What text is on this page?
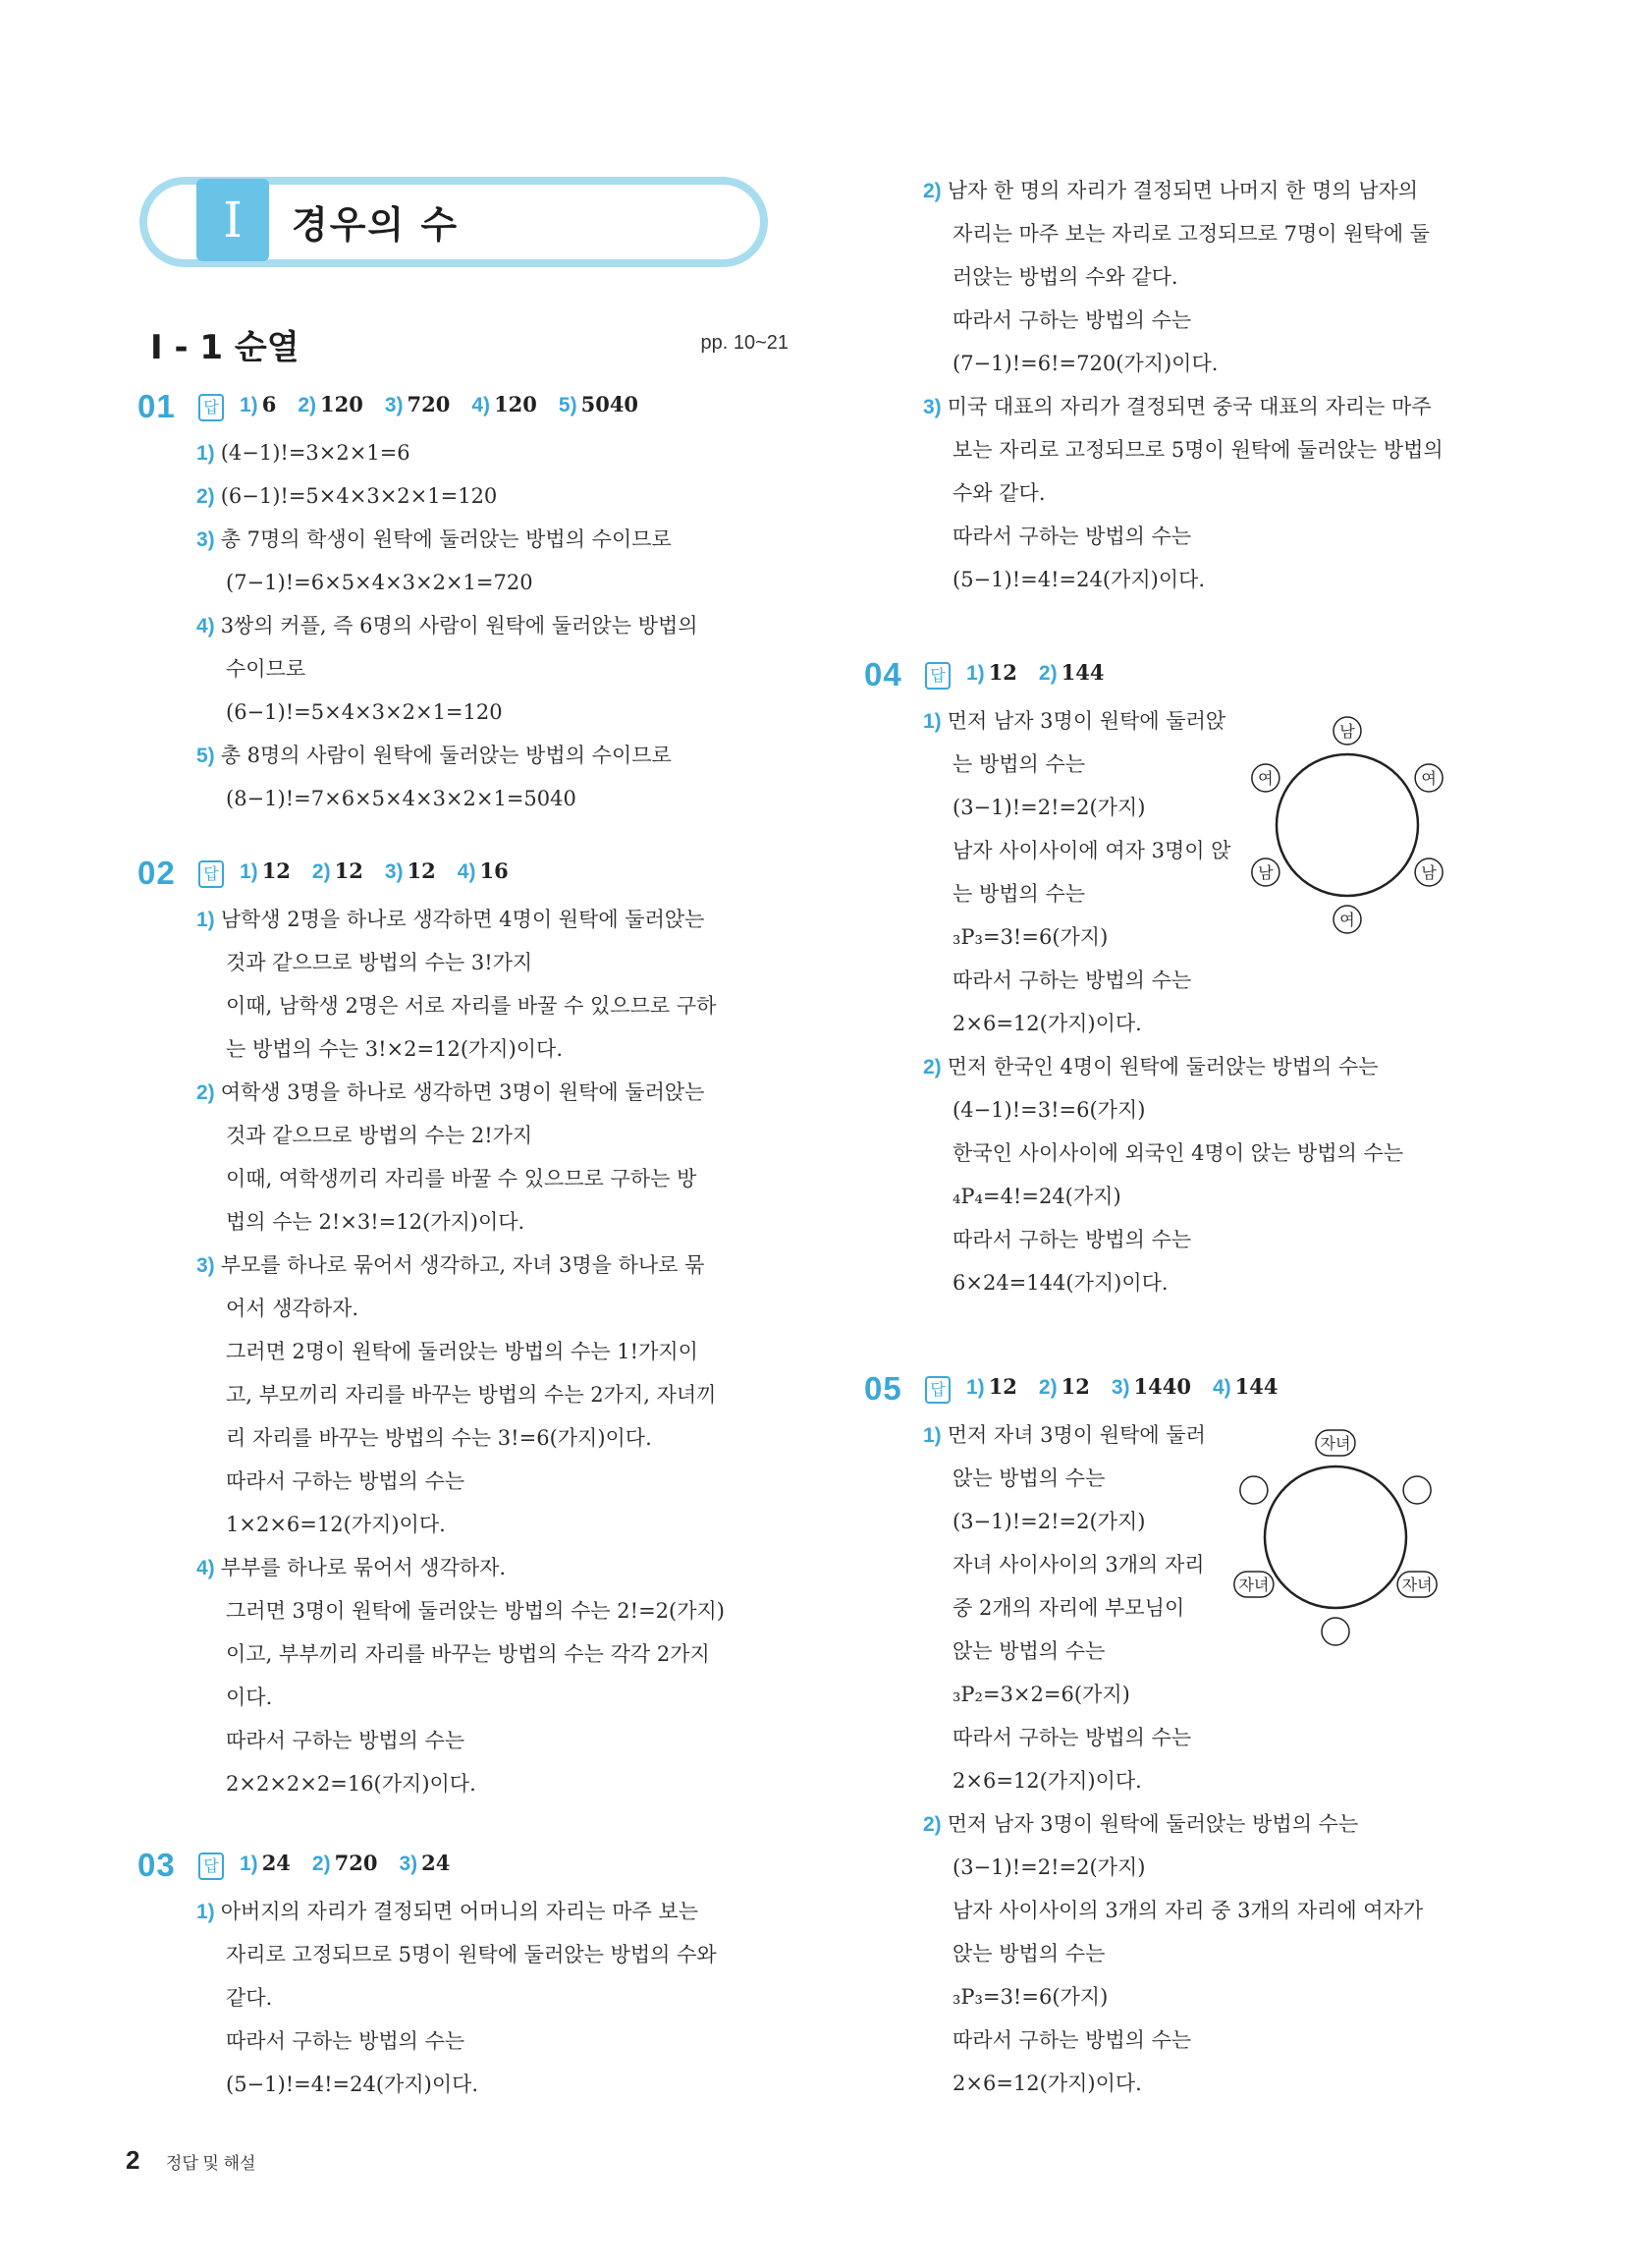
Ⅰ	경우의 수
Ⅰ - 1 순열	pp. 10~21
01	답 1) 6 2) 120 3) 720 4) 120 5) 5040
1) (4−1)!=3×2×1=6
2) (6−1)!=5×4×3×2×1=120
3) 총 7명의 학생이 원탁에 둘러앉는 방법의 수이므로
(7−1)!=6×5×4×3×2×1=720
4) 3쌍의 커플, 즉 6명의 사람이 원탁에 둘러앉는 방법의
수이므로
(6−1)!=5×4×3×2×1=120
5) 총 8명의 사람이 원탁에 둘러앉는 방법의 수이므로
(8−1)!=7×6×5×4×3×2×1=5040
02	답 1) 12 2) 12 3) 12 4) 16
1) 남학생 2명을 하나로 생각하면 4명이 원탁에 둘러앉는
것과 같으므로 방법의 수는 3!가지
이때, 남학생 2명은 서로 자리를 바꿀 수 있으므로 구하
는 방법의 수는 3!×2=12(가지)이다.
2) 여학생 3명을 하나로 생각하면 3명이 원탁에 둘러앉는
것과 같으므로 방법의 수는 2!가지
이때, 여학생끼리 자리를 바꿀 수 있으므로 구하는 방
법의 수는 2!×3!=12(가지)이다.
3) 부모를 하나로 묶어서 생각하고, 자녀 3명을 하나로 묶
어서 생각하자.
그러면 2명이 원탁에 둘러앉는 방법의 수는 1!가지이
고, 부모끼리 자리를 바꾸는 방법의 수는 2가지, 자녀끼
리 자리를 바꾸는 방법의 수는 3!=6(가지)이다.
따라서 구하는 방법의 수는
1×2×6=12(가지)이다.
4) 부부를 하나로 묶어서 생각하자.
그러면 3명이 원탁에 둘러앉는 방법의 수는 2!=2(가지)
이고, 부부끼리 자리를 바꾸는 방법의 수는 각각 2가지
이다.
따라서 구하는 방법의 수는
2×2×2×2=16(가지)이다.
03	답 1) 24 2) 720 3) 24
1) 아버지의 자리가 결정되면 어머니의 자리는 마주 보는
자리로 고정되므로 5명이 원탁에 둘러앉는 방법의 수와
같다.
따라서 구하는 방법의 수는
(5−1)!=4!=24(가지)이다.
2) 남자 한 명의 자리가 결정되면 나머지 한 명의 남자의
자리는 마주 보는 자리로 고정되므로 7명이 원탁에 둘
러앉는 방법의 수와 같다.
따라서 구하는 방법의 수는
(7−1)!=6!=720(가지)이다.
3) 미국 대표의 자리가 결정되면 중국 대표의 자리는 마주
보는 자리로 고정되므로 5명이 원탁에 둘러앉는 방법의
수와 같다.
따라서 구하는 방법의 수는
(5−1)!=4!=24(가지)이다.
04	답 1) 12 2) 144
1) 먼저 남자 3명이 원탁에 둘러앉
는 방법의 수는
(3−1)!=2!=2(가지)
남자 사이사이에 여자 3명이 앉
는 방법의 수는
₃P₃=3!=6(가지)
따라서 구하는 방법의 수는
2×6=12(가지)이다.
2) 먼저 한국인 4명이 원탁에 둘러앉는 방법의 수는
(4−1)!=3!=6(가지)
한국인 사이사이에 외국인 4명이 앉는 방법의 수는
₄P₄=4!=24(가지)
따라서 구하는 방법의 수는
6×24=144(가지)이다.
남
여	여
남	남
여
05	답 1) 12 2) 12 3) 1440 4) 144
1) 먼저 자녀 3명이 원탁에 둘러
앉는 방법의 수는
(3−1)!=2!=2(가지)
자녀 사이사이의 3개의 자리
중 2개의 자리에 부모님이
앉는 방법의 수는
₃P₂=3×2=6(가지)
따라서 구하는 방법의 수는
2×6=12(가지)이다.
2) 먼저 남자 3명이 원탁에 둘러앉는 방법의 수는
(3−1)!=2!=2(가지)
남자 사이사이의 3개의 자리 중 3개의 자리에 여자가
앉는 방법의 수는
₃P₃=3!=6(가지)
따라서 구하는 방법의 수는
2×6=12(가지)이다.
자녀
자녀	자녀
2 정답 및 해설
